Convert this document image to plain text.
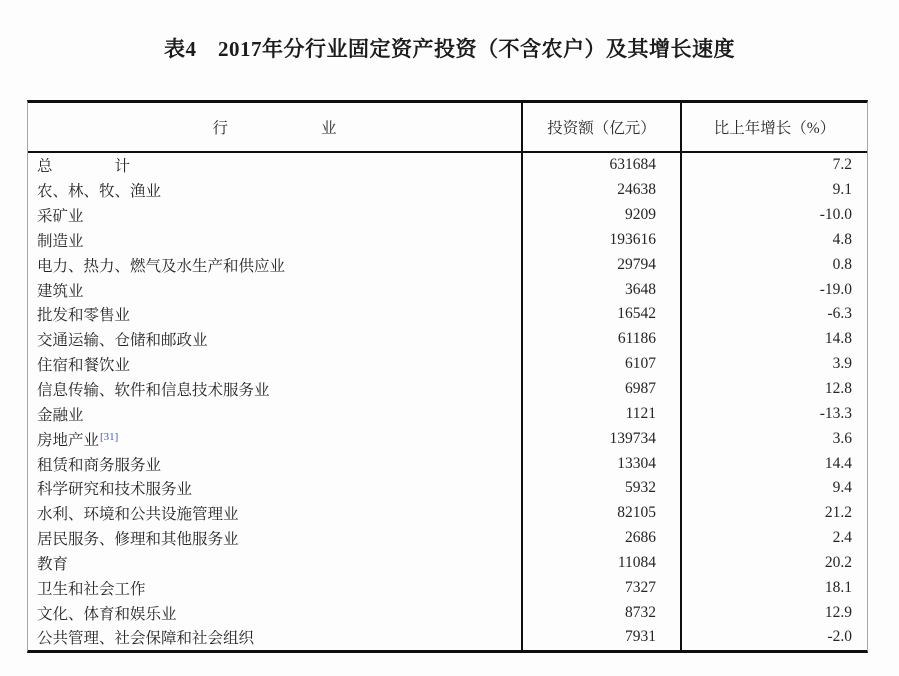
表4　2017年分行业固定资产投资（不含农户）及其增长速度
行　　　　　　业	投资额（亿元）	比上年增长（%）
总　　　　计	631684	7.2
农、林、牧、渔业	24638	9.1
采矿业	9209	-10.0
制造业	193616	4.8
电力、热力、燃气及水生产和供应业	29794	0.8
建筑业	3648	-19.0
批发和零售业	16542	-6.3
交通运输、仓储和邮政业	61186	14.8
住宿和餐饮业	6107	3.9
信息传输、软件和信息技术服务业	6987	12.8
金融业	1121	-13.3
房地产业[31]	139734	3.6
租赁和商务服务业	13304	14.4
科学研究和技术服务业	5932	9.4
水利、环境和公共设施管理业	82105	21.2
居民服务、修理和其他服务业	2686	2.4
教育	11084	20.2
卫生和社会工作	7327	18.1
文化、体育和娱乐业	8732	12.9
公共管理、社会保障和社会组织	7931	-2.0
